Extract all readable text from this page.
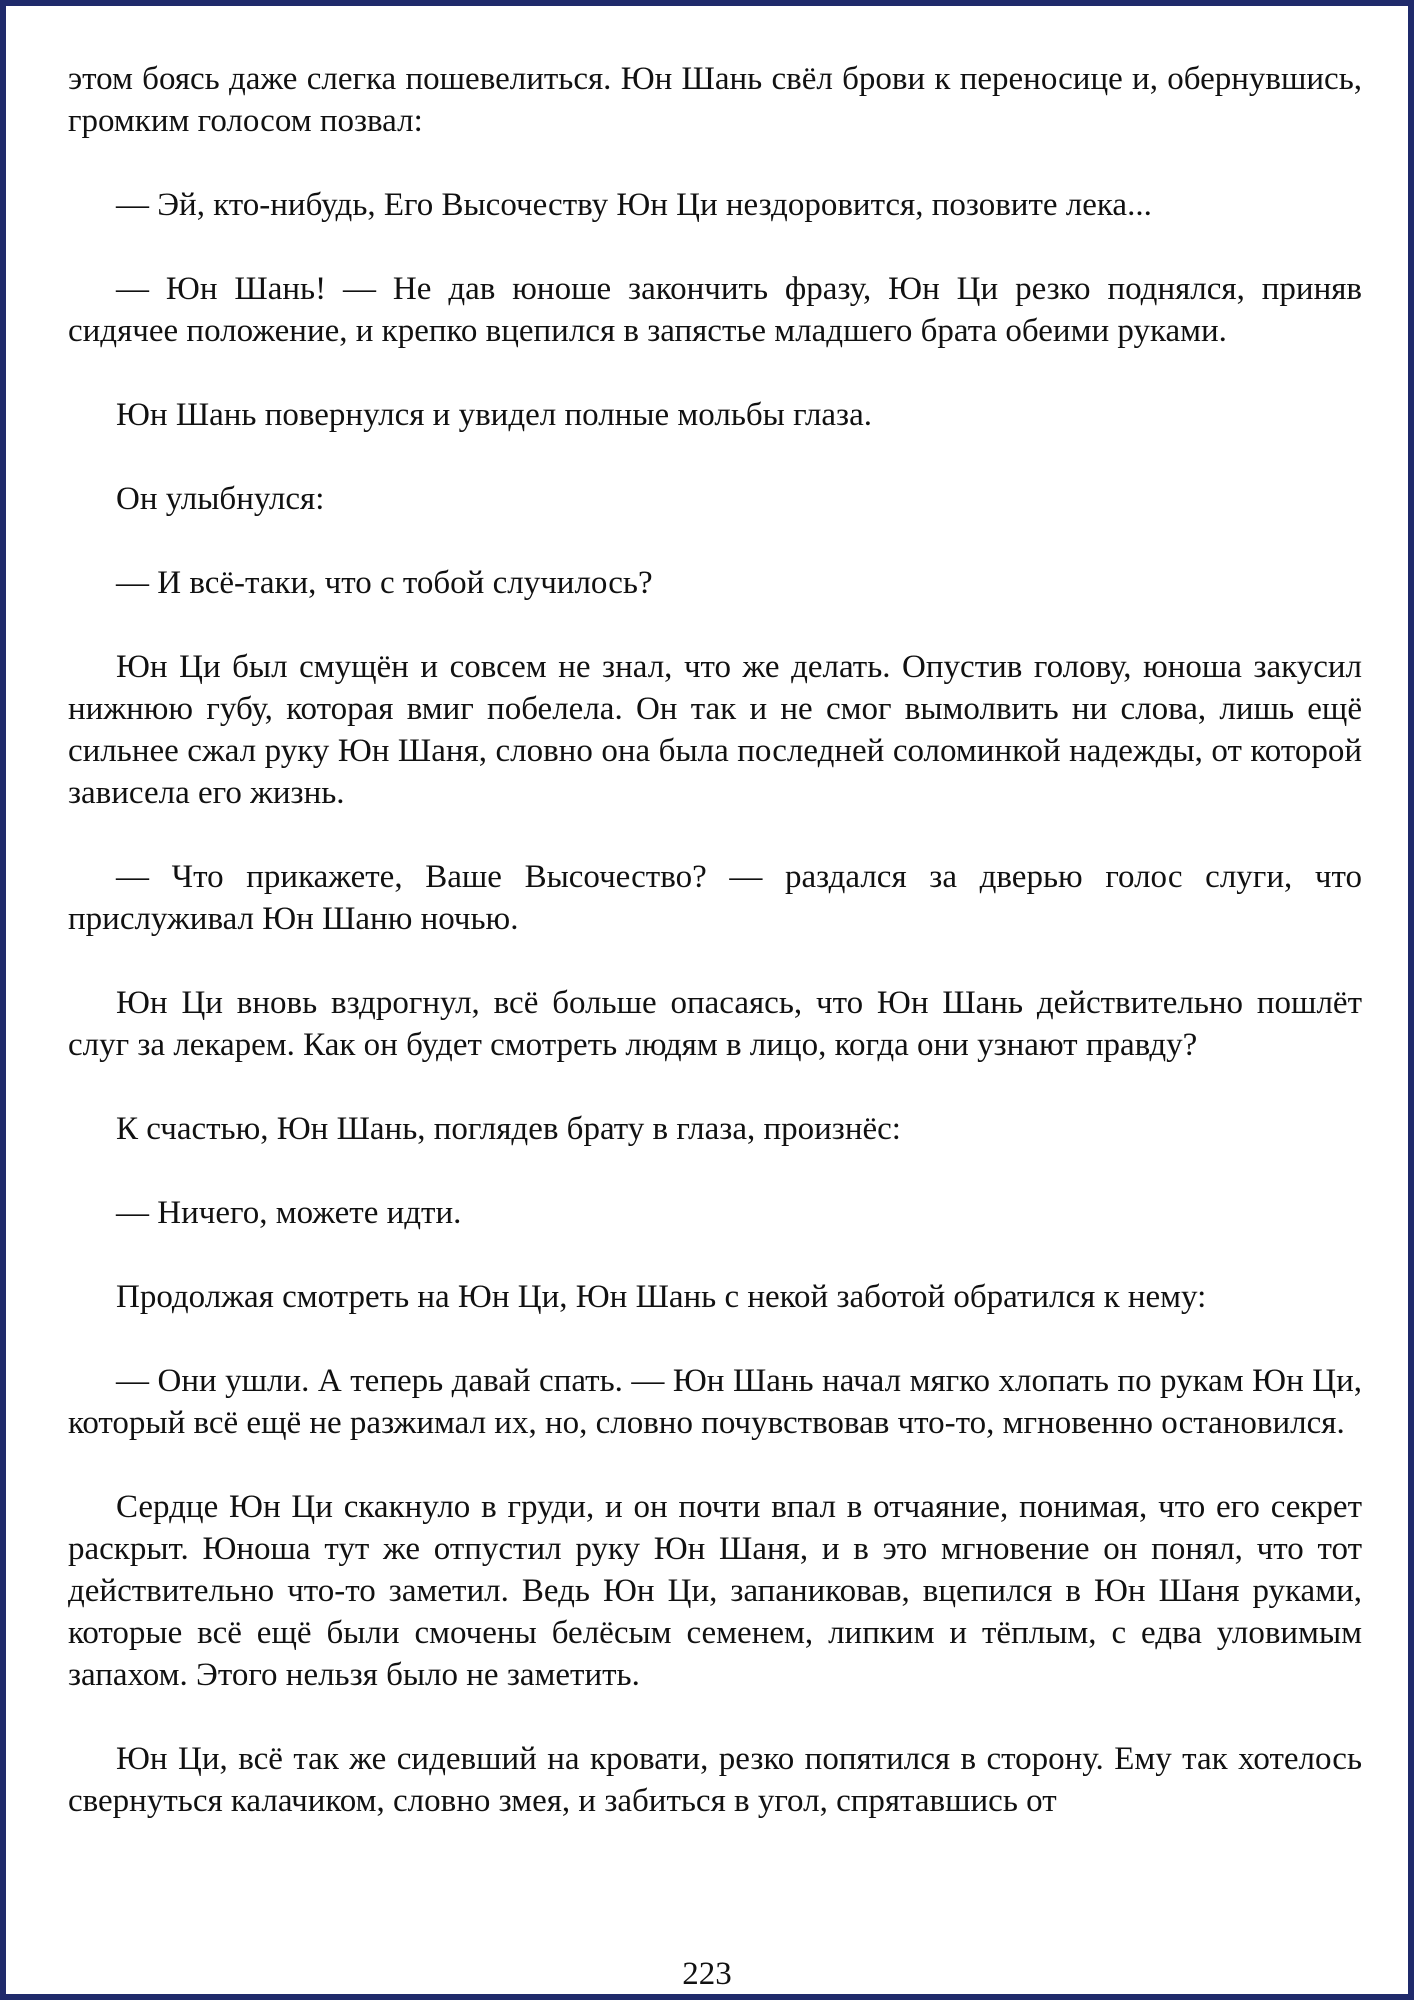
этом боясь даже слегка пошевелиться. Юн Шань свёл брови к переносице и, обернувшись, громким голосом позвал:

— Эй, кто-нибудь, Его Высочеству Юн Ци нездоровится, позовите лека...

— Юн Шань! — Не дав юноше закончить фразу, Юн Ци резко поднялся, приняв сидячее положение, и крепко вцепился в запястье младшего брата обеими руками.

Юн Шань повернулся и увидел полные мольбы глаза.

Он улыбнулся:

— И всё-таки, что с тобой случилось?

Юн Ци был смущён и совсем не знал, что же делать. Опустив голову, юноша закусил нижнюю губу, которая вмиг побелела. Он так и не смог вымолвить ни слова, лишь ещё сильнее сжал руку Юн Шаня, словно она была последней соломинкой надежды, от которой зависела его жизнь.

— Что прикажете, Ваше Высочество? — раздался за дверью голос слуги, что прислуживал Юн Шаню ночью.

Юн Ци вновь вздрогнул, всё больше опасаясь, что Юн Шань действительно пошлёт слуг за лекарем. Как он будет смотреть людям в лицо, когда они узнают правду?

К счастью, Юн Шань, поглядев брату в глаза, произнёс:

— Ничего, можете идти.

Продолжая смотреть на Юн Ци, Юн Шань с некой заботой обратился к нему:

— Они ушли. А теперь давай спать. — Юн Шань начал мягко хлопать по рукам Юн Ци, который всё ещё не разжимал их, но, словно почувствовав что-то, мгновенно остановился.

Сердце Юн Ци скакнуло в груди, и он почти впал в отчаяние, понимая, что его секрет раскрыт. Юноша тут же отпустил руку Юн Шаня, и в это мгновение он понял, что тот действительно что-то заметил. Ведь Юн Ци, запаниковав, вцепился в Юн Шаня руками, которые всё ещё были смочены белёсым семенем, липким и тёплым, с едва уловимым запахом. Этого нельзя было не заметить.

Юн Ци, всё так же сидевший на кровати, резко попятился в сторону. Ему так хотелось свернуться калачиком, словно змея, и забиться в угол, спрятавшись от

223
